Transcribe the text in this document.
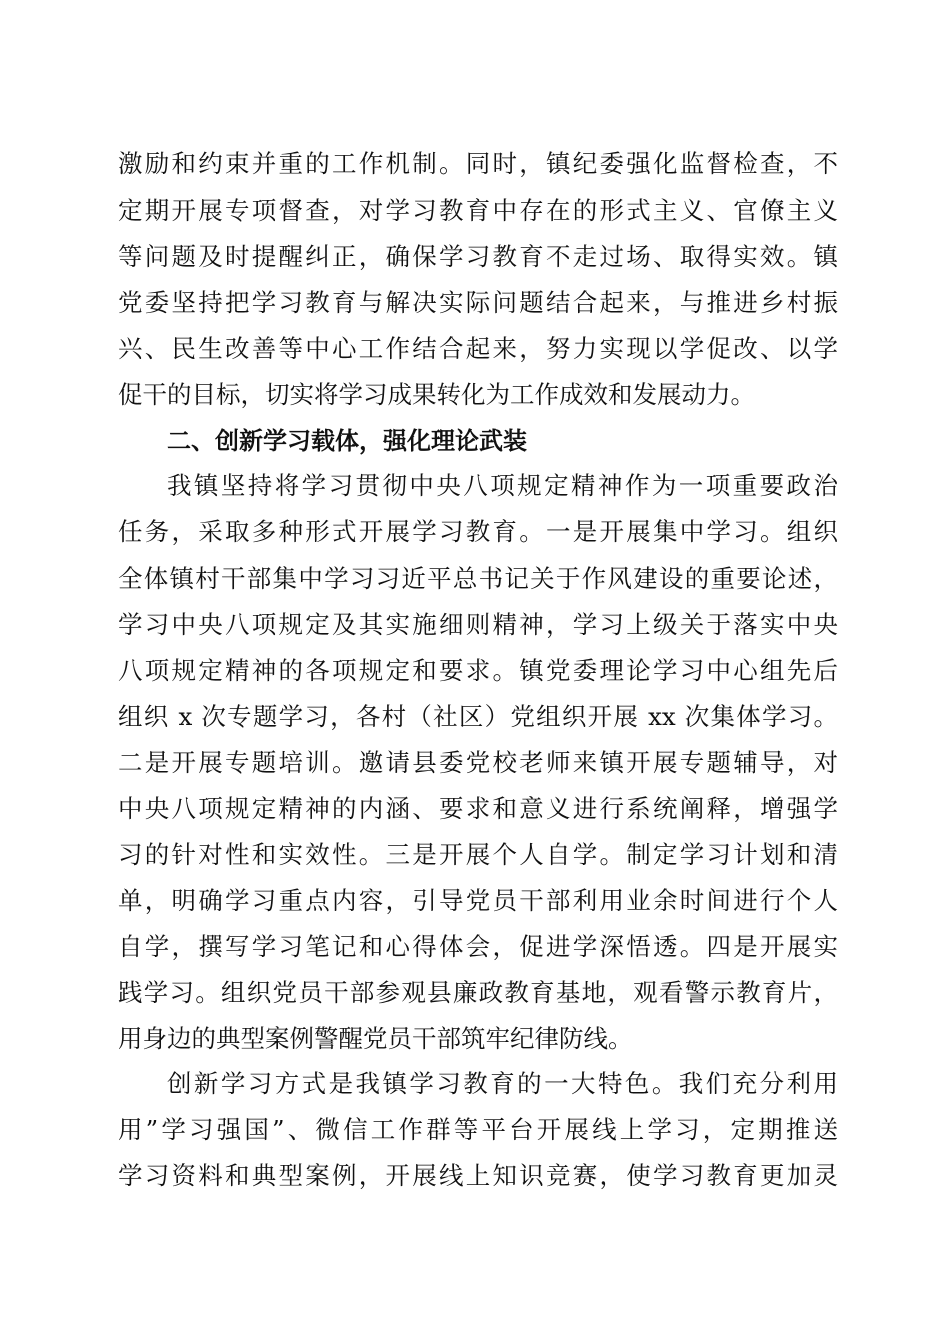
激励和约束并重的工作机制。同时，镇纪委强化监督检查，不
定期开展专项督查，对学习教育中存在的形式主义、官僚主义
等问题及时提醒纠正，确保学习教育不走过场、取得实效。镇
党委坚持把学习教育与解决实际问题结合起来，与推进乡村振
兴、民生改善等中心工作结合起来，努力实现以学促改、以学
促干的目标，切实将学习成果转化为工作成效和发展动力。
二、创新学习载体，强化理论武装
我镇坚持将学习贯彻中央八项规定精神作为一项重要政治
任务，采取多种形式开展学习教育。一是开展集中学习。组织
全体镇村干部集中学习习近平总书记关于作风建设的重要论述，
学习中央八项规定及其实施细则精神，学习上级关于落实中央
八项规定精神的各项规定和要求。镇党委理论学习中心组先后
组织 x 次专题学习，各村（社区）党组织开展 xx 次集体学习。
二是开展专题培训。邀请县委党校老师来镇开展专题辅导，对
中央八项规定精神的内涵、要求和意义进行系统阐释，增强学
习的针对性和实效性。三是开展个人自学。制定学习计划和清
单，明确学习重点内容，引导党员干部利用业余时间进行个人
自学，撰写学习笔记和心得体会，促进学深悟透。四是开展实
践学习。组织党员干部参观县廉政教育基地，观看警示教育片，
用身边的典型案例警醒党员干部筑牢纪律防线。
创新学习方式是我镇学习教育的一大特色。我们充分利用
用”学习强国”、微信工作群等平台开展线上学习，定期推送
学习资料和典型案例，开展线上知识竞赛，使学习教育更加灵
